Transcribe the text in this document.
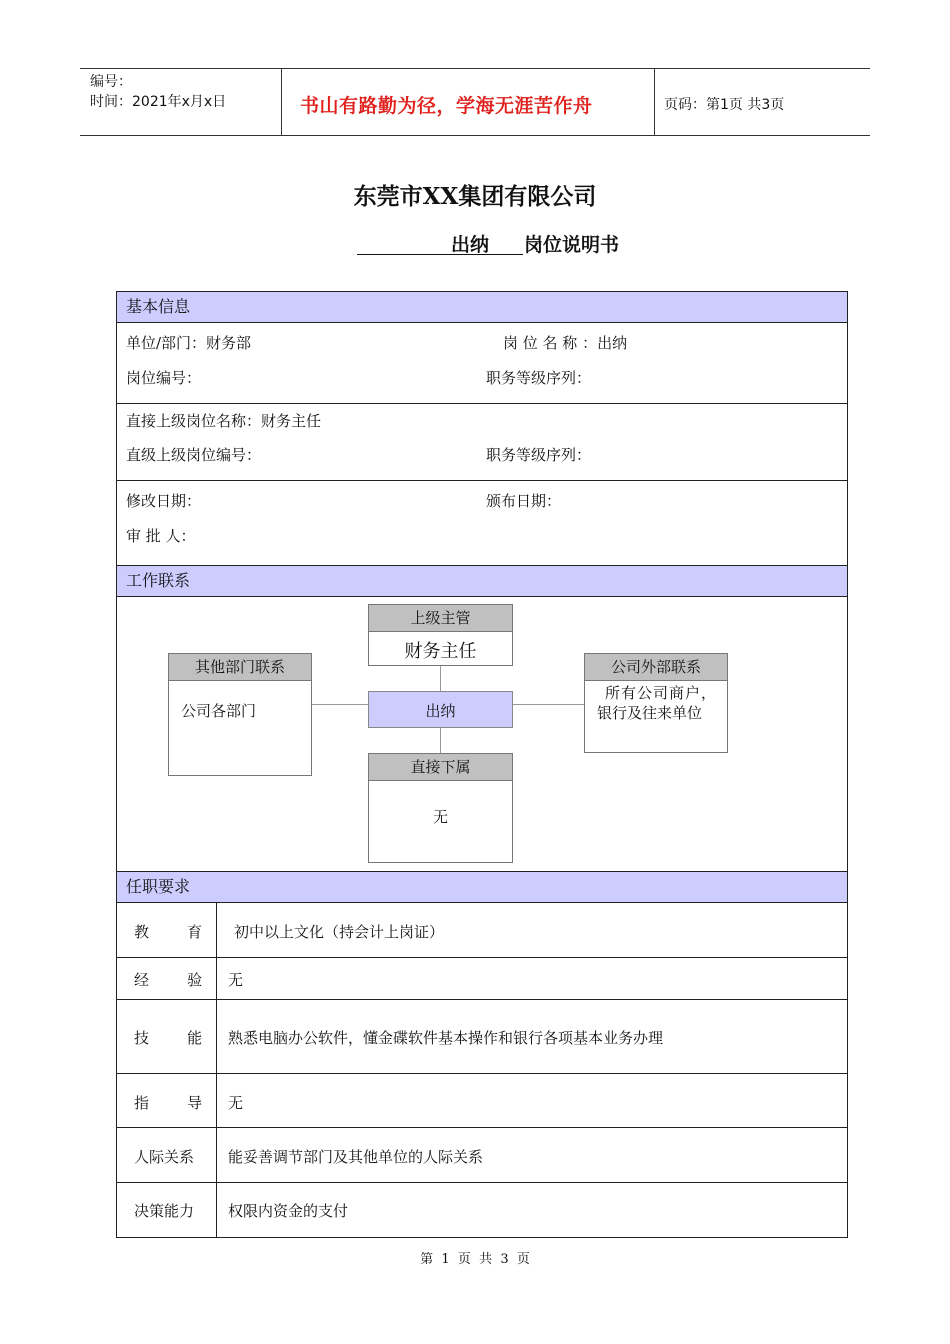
编号：
时间：2021年x月x日	书山有路勤为径，学海无涯苦作舟	页码：第1页 共3页
东莞市XX集团有限公司
出纳	岗位说明书
基本信息
单位/部门：财务部	岗 位 名 称 ：出纳
岗位编号：	职务等级序列：
直接上级岗位名称：财务主任
直级上级岗位编号：	职务等级序列：
修改日期：	颁布日期：
审 批 人：
工作联系
上级主管
财务主任
出纳
其他部门联系
公司各部门
公司外部联系
所有公司商户，
银行及往来单位
直接下属
无
任职要求
教        育 初中以上文化（持会计上岗证）
经        验 无
技        能 熟悉电脑办公软件，懂金碟软件基本操作和银行各项基本业务办理
指        导 无
人际关系 能妥善调节部门及其他单位的人际关系
决策能力 权限内资金的支付
第  1  页  共  3  页
